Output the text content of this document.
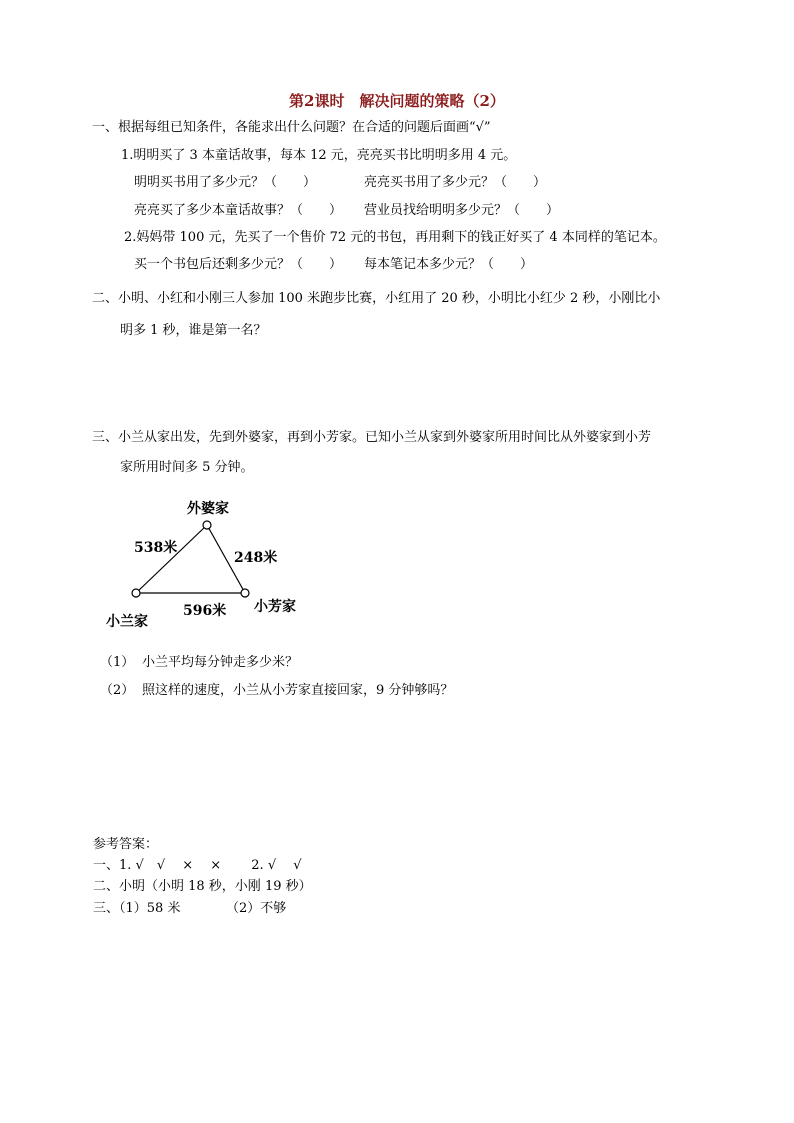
第2课时　解决问题的策略（2）
一、根据每组已知条件，各能求出什么问题？在合适的问题后面画“√”
1.明明买了 3 本童话故事，每本 12 元，亮亮买书比明明多用 4 元。
明明买书用了多少元？（　　）	亮亮买书用了多少元？（　　）
亮亮买了多少本童话故事？（　　） 营业员找给明明多少元？（　　）
2.妈妈带 100 元，先买了一个售价 72 元的书包，再用剩下的钱正好买了 4 本同样的笔记本。
买一个书包后还剩多少元？（　　） 每本笔记本多少元？（　　）
二、小明、小红和小刚三人参加 100 米跑步比赛，小红用了 20 秒，小明比小红少 2 秒，小刚比小
明多 1 秒，谁是第一名？
三、小兰从家出发，先到外婆家，再到小芳家。已知小兰从家到外婆家所用时间比从外婆家到小芳
家所用时间多 5 分钟。
外婆家
538米
248米
596米 小芳家
小兰家
（1） 小兰平均每分钟走多少米？
（2） 照这样的速度，小兰从小芳家直接回家，9 分钟够吗？
参考答案：
一、1. √　√　 ×　 ×　　 2. √　 √
二、小明（小明 18 秒，小刚 19 秒）
三、（1）58 米　　　　（2）不够
